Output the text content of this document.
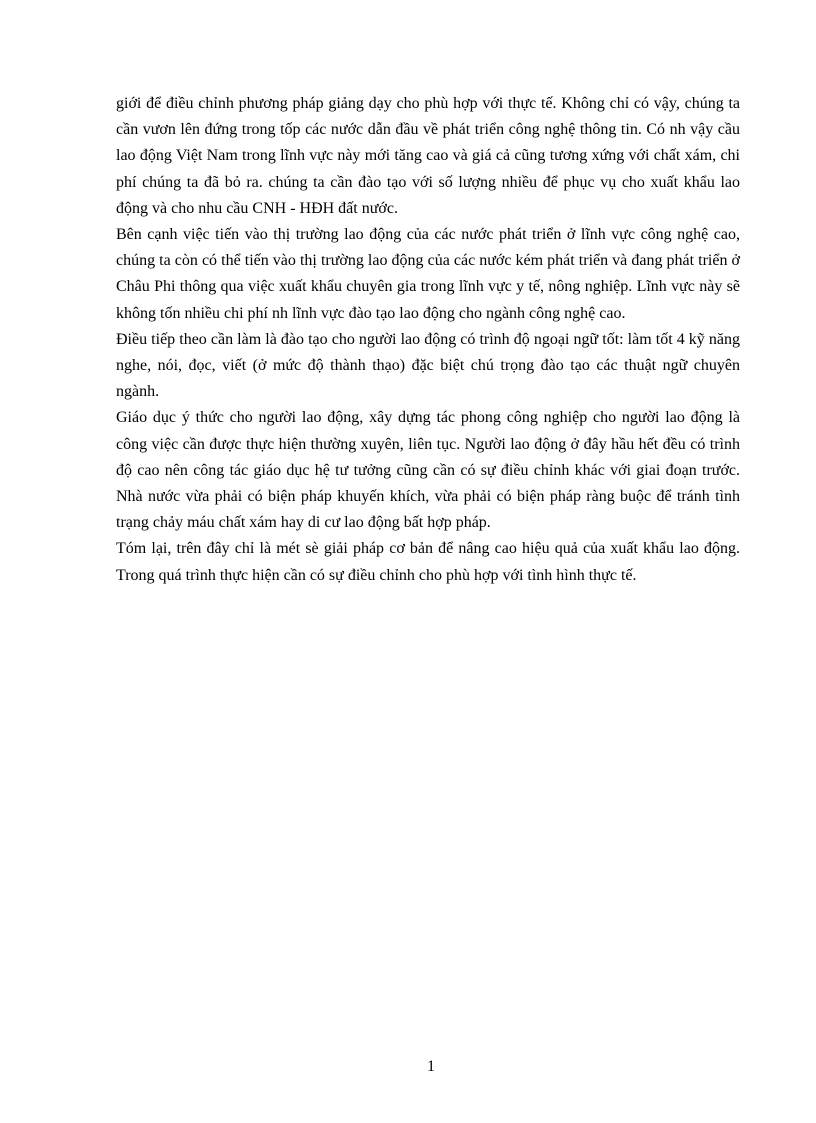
giới để điều chỉnh phương pháp giảng dạy cho phù hợp với thực tế. Không chỉ có vậy, chúng ta cần vươn lên đứng trong tốp các nước dẫn đầu về phát triển công nghệ thông tin. Có nh vậy cầu lao động Việt Nam trong lĩnh vực này mới tăng cao và giá cả cũng tương xứng với chất xám, chi phí chúng ta đã bỏ ra. chúng ta cần đào tạo với số lượng nhiều để phục vụ cho xuất khẩu lao động và cho nhu cầu CNH - HĐH đất nước.

Bên cạnh việc tiến vào thị trường lao động của các nước phát triển ở lĩnh vực công nghệ cao, chúng ta còn có thể tiến vào thị trường lao động của các nước kém phát triển và đang phát triển ở Châu Phi thông qua việc xuất khẩu chuyên gia trong lĩnh vực y tế, nông nghiệp. Lĩnh vực này sẽ không tốn nhiều chi phí nh lĩnh vực đào tạo lao động cho ngành công nghệ cao.

Điều tiếp theo cần làm là đào tạo cho người lao động có trình độ ngoại ngữ tốt: làm tốt 4 kỹ năng nghe, nói, đọc, viết (ở mức độ thành thạo) đặc biệt chú trọng đào tạo các thuật ngữ chuyên ngành.

Giáo dục ý thức cho người lao động, xây dựng tác phong công nghiệp cho người lao động là công việc cần được thực hiện thường xuyên, liên tục. Người lao động ở đây hầu hết đều có trình độ cao nên công tác giáo dục hệ tư tưởng cũng cần có sự điều chỉnh khác với giai đoạn trước. Nhà nước vừa phải có biện pháp khuyến khích, vừa phải có biện pháp ràng buộc để tránh tình trạng chảy máu chất xám hay di cư lao động bất hợp pháp.

Tóm lại, trên đây chỉ là mét sè giải pháp cơ bản để nâng cao hiệu quả của xuất khẩu lao động. Trong quá trình thực hiện cần có sự điều chỉnh cho phù hợp với tình hình thực tế.

1
